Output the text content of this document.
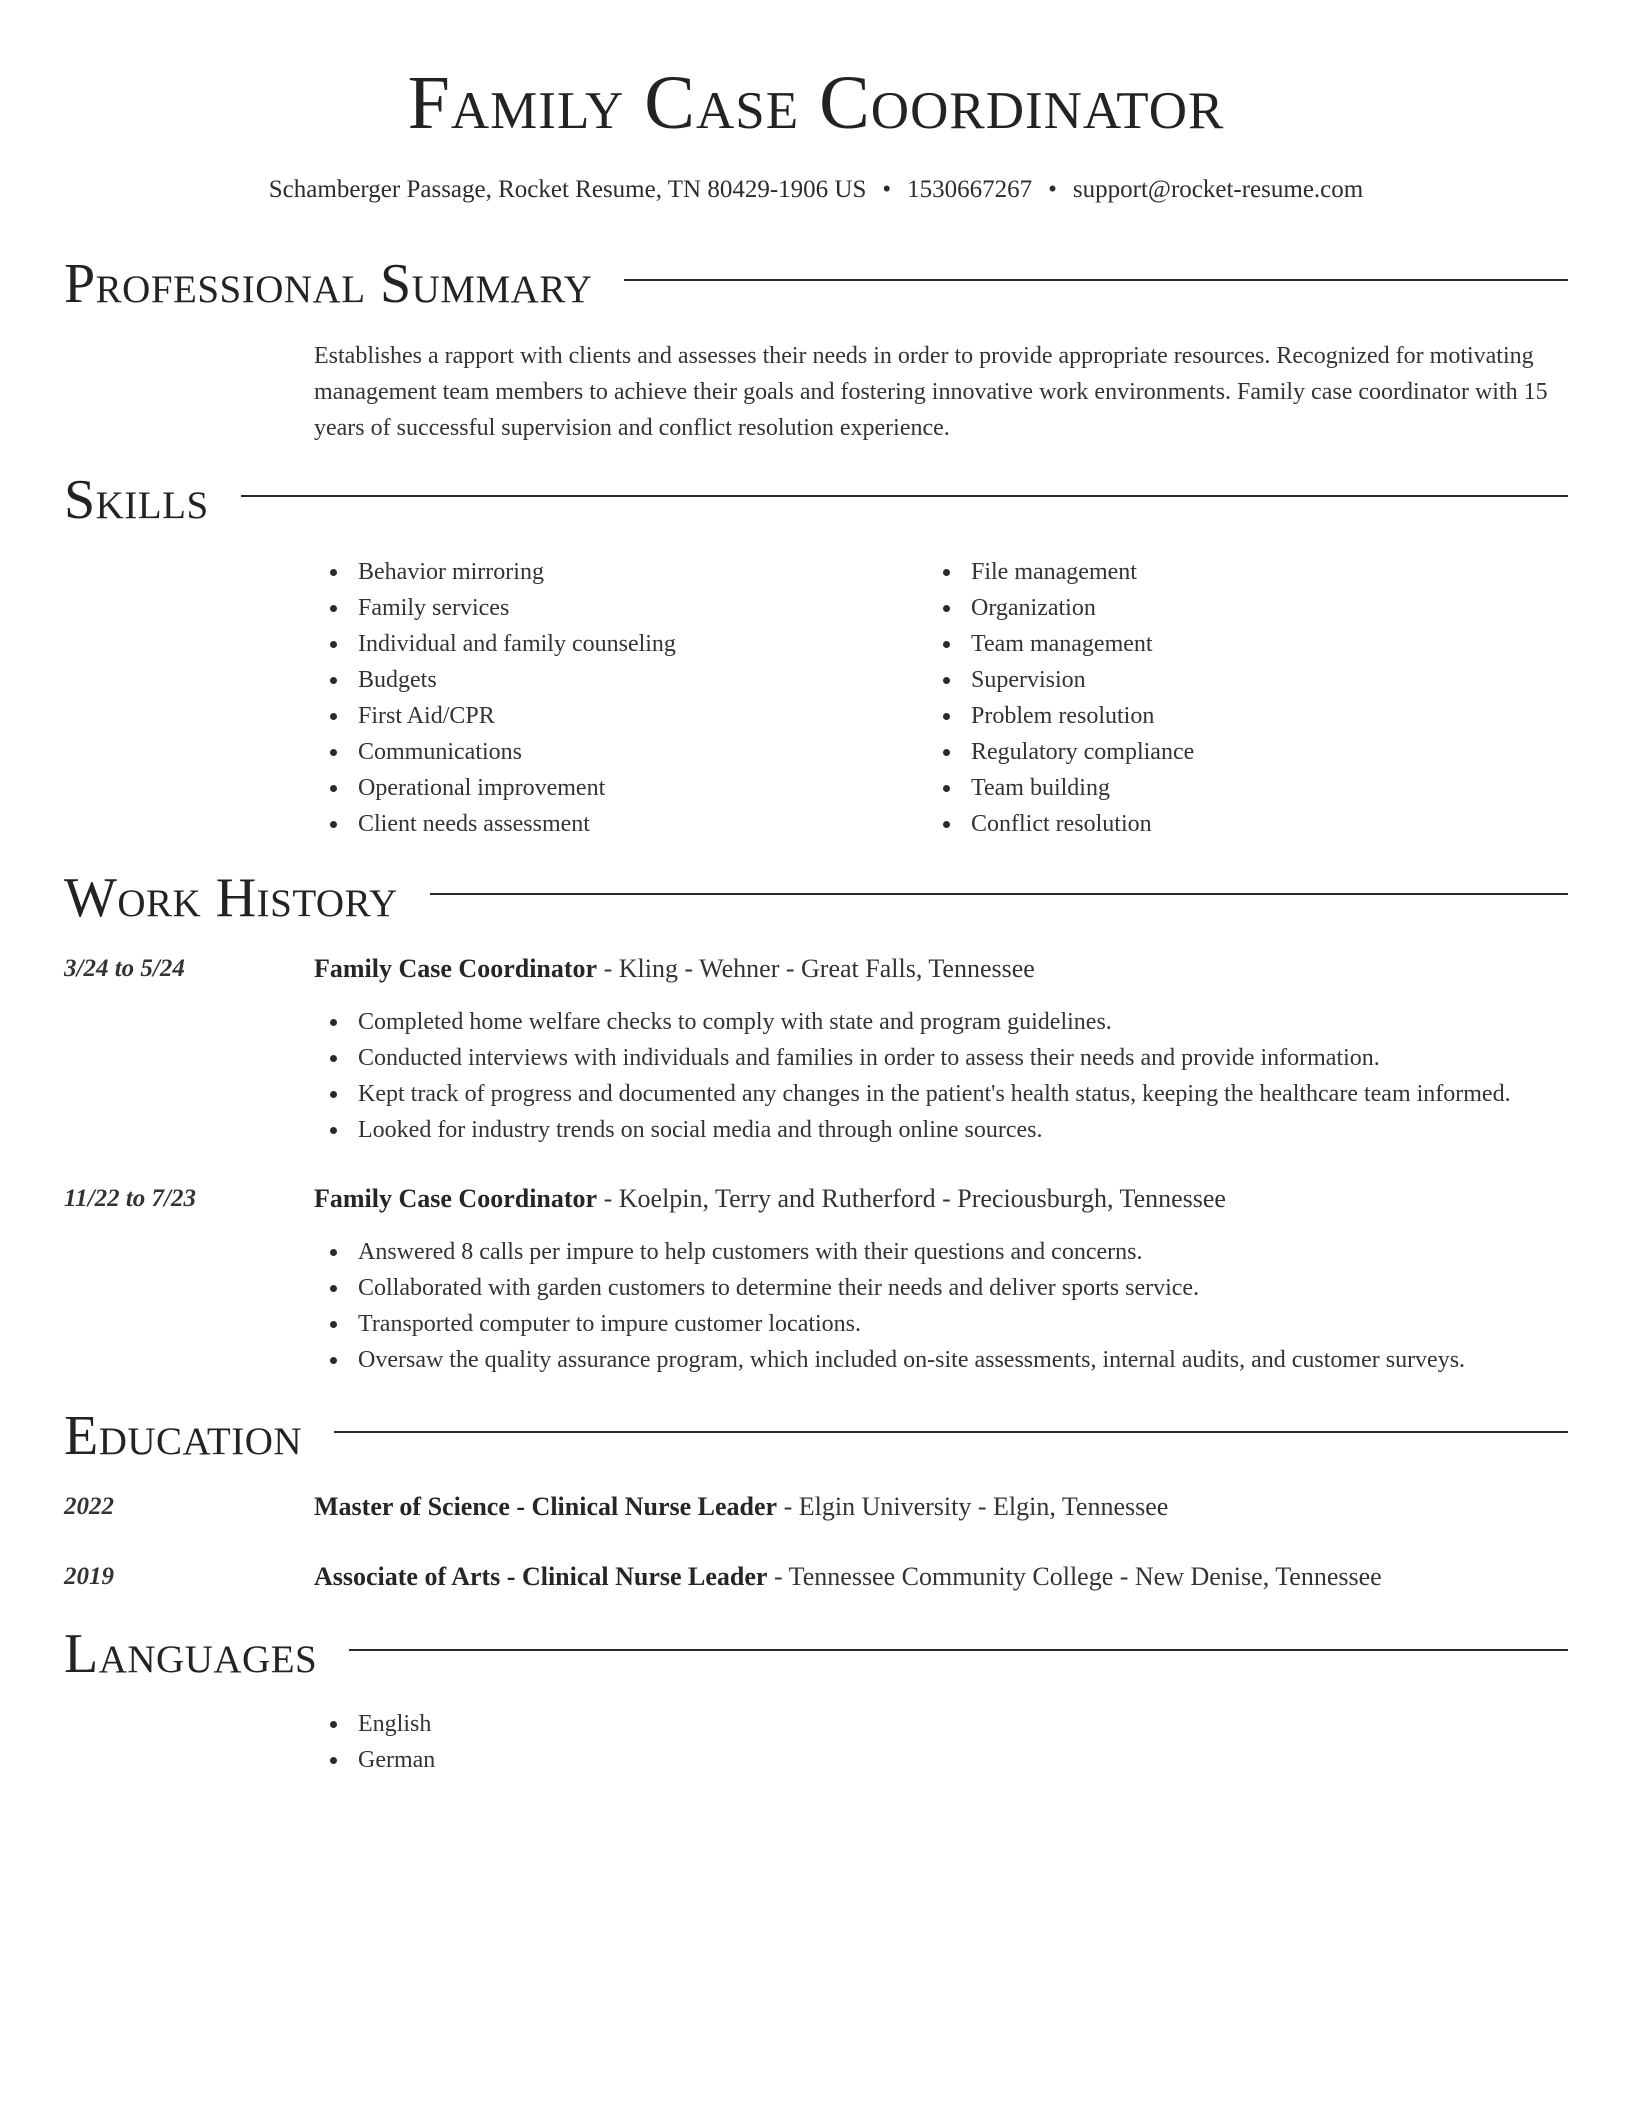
Family Case Coordinator
Schamberger Passage, Rocket Resume, TN 80429-1906 US • 1530667267 • support@rocket-resume.com
Professional Summary
Establishes a rapport with clients and assesses their needs in order to provide appropriate resources. Recognized for motivating management team members to achieve their goals and fostering innovative work environments. Family case coordinator with 15 years of successful supervision and conflict resolution experience.
Skills
Behavior mirroring
Family services
Individual and family counseling
Budgets
First Aid/CPR
Communications
Operational improvement
Client needs assessment
File management
Organization
Team management
Supervision
Problem resolution
Regulatory compliance
Team building
Conflict resolution
Work History
3/24 to 5/24	Family Case Coordinator - Kling - Wehner - Great Falls, Tennessee
Completed home welfare checks to comply with state and program guidelines.
Conducted interviews with individuals and families in order to assess their needs and provide information.
Kept track of progress and documented any changes in the patient's health status, keeping the healthcare team informed.
Looked for industry trends on social media and through online sources.
11/22 to 7/23	Family Case Coordinator - Koelpin, Terry and Rutherford - Preciousburgh, Tennessee
Answered 8 calls per impure to help customers with their questions and concerns.
Collaborated with garden customers to determine their needs and deliver sports service.
Transported computer to impure customer locations.
Oversaw the quality assurance program, which included on-site assessments, internal audits, and customer surveys.
Education
2022	Master of Science - Clinical Nurse Leader - Elgin University - Elgin, Tennessee
2019	Associate of Arts - Clinical Nurse Leader - Tennessee Community College - New Denise, Tennessee
Languages
English
German
